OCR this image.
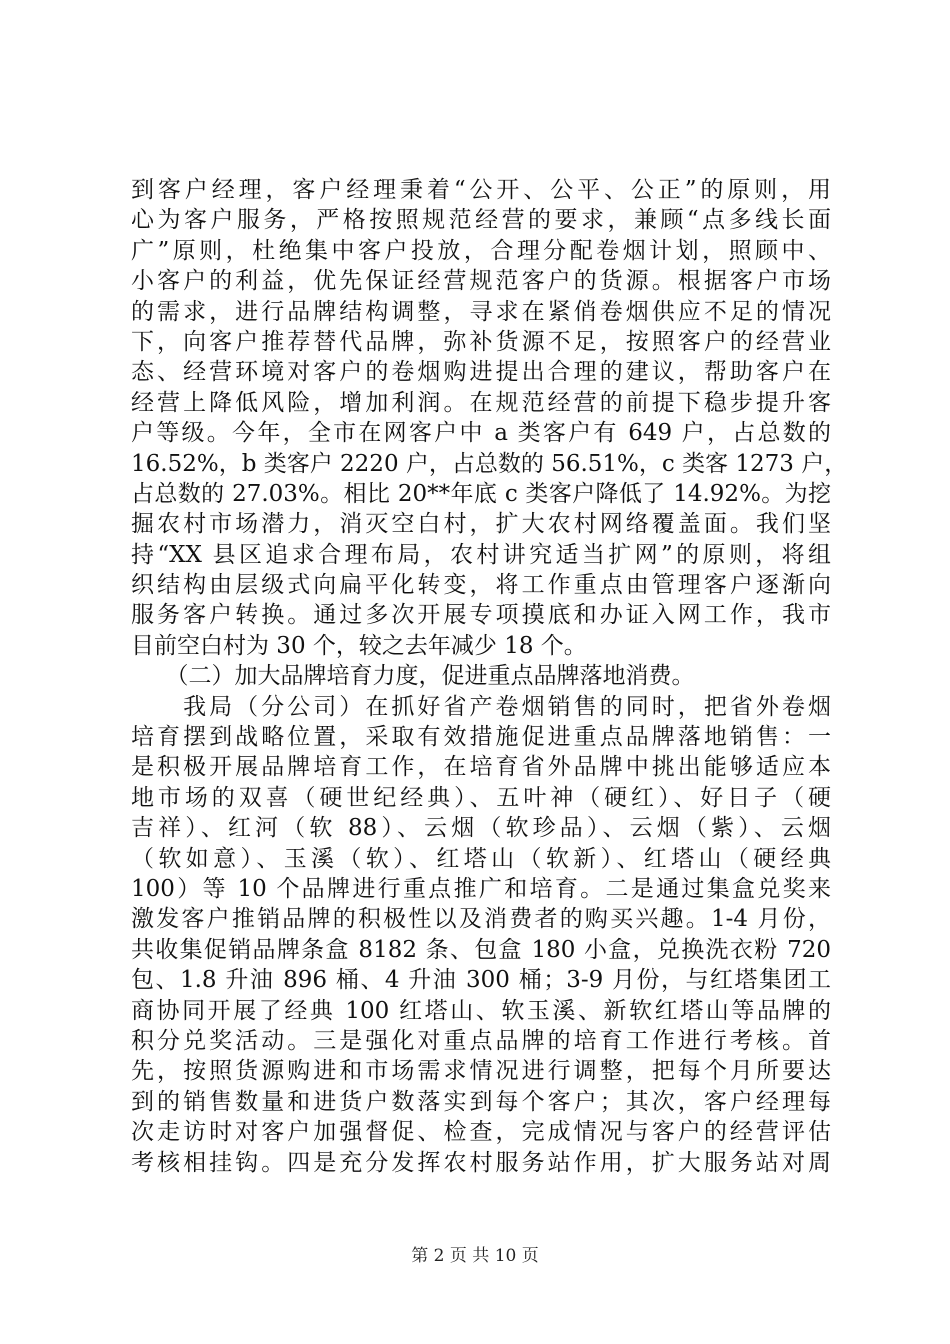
到客户经理，客户经理秉着“公开、公平、公正”的原则，用
心为客户服务，严格按照规范经营的要求，兼顾“点多线长面
广”原则，杜绝集中客户投放，合理分配卷烟计划，照顾中、
小客户的利益，优先保证经营规范客户的货源。根据客户市场
的需求，进行品牌结构调整，寻求在紧俏卷烟供应不足的情况
下，向客户推荐替代品牌，弥补货源不足，按照客户的经营业
态、经营环境对客户的卷烟购进提出合理的建议，帮助客户在
经营上降低风险，增加利润。在规范经营的前提下稳步提升客
户等级。今年，全市在网客户中 a 类客户有 649 户，占总数的
16.52%，b 类客户 2220 户，占总数的 56.51%，c 类客 1273 户，
占总数的 27.03%。相比 20**年底 c 类客户降低了 14.92%。为挖
掘农村市场潜力，消灭空白村，扩大农村网络覆盖面。我们坚
持“XX 县区追求合理布局，农村讲究适当扩网”的原则，将组
织结构由层级式向扁平化转变，将工作重点由管理客户逐渐向
服务客户转换。通过多次开展专项摸底和办证入网工作，我市
目前空白村为 30 个，较之去年减少 18 个。
　　（二）加大品牌培育力度，促进重点品牌落地消费。
　　我局（分公司）在抓好省产卷烟销售的同时，把省外卷烟
培育摆到战略位置，采取有效措施促进重点品牌落地销售：一
是积极开展品牌培育工作，在培育省外品牌中挑出能够适应本
地市场的双喜（硬世纪经典）、五叶神（硬红）、好日子（硬
吉祥）、红河（软 88）、云烟（软珍品）、云烟（紫）、云烟
（软如意）、玉溪（软）、红塔山（软新）、红塔山（硬经典
100）等 10 个品牌进行重点推广和培育。二是通过集盒兑奖来
激发客户推销品牌的积极性以及消费者的购买兴趣。1-4 月份，
共收集促销品牌条盒 8182 条、包盒 180 小盒，兑换洗衣粉 720
包、1.8 升油 896 桶、4 升油 300 桶；3-9 月份，与红塔集团工
商协同开展了经典 100 红塔山、软玉溪、新软红塔山等品牌的
积分兑奖活动。三是强化对重点品牌的培育工作进行考核。首
先，按照货源购进和市场需求情况进行调整，把每个月所要达
到的销售数量和进货户数落实到每个客户；其次，客户经理每
次走访时对客户加强督促、检查，完成情况与客户的经营评估
考核相挂钩。四是充分发挥农村服务站作用，扩大服务站对周
第 2 页 共 10 页
